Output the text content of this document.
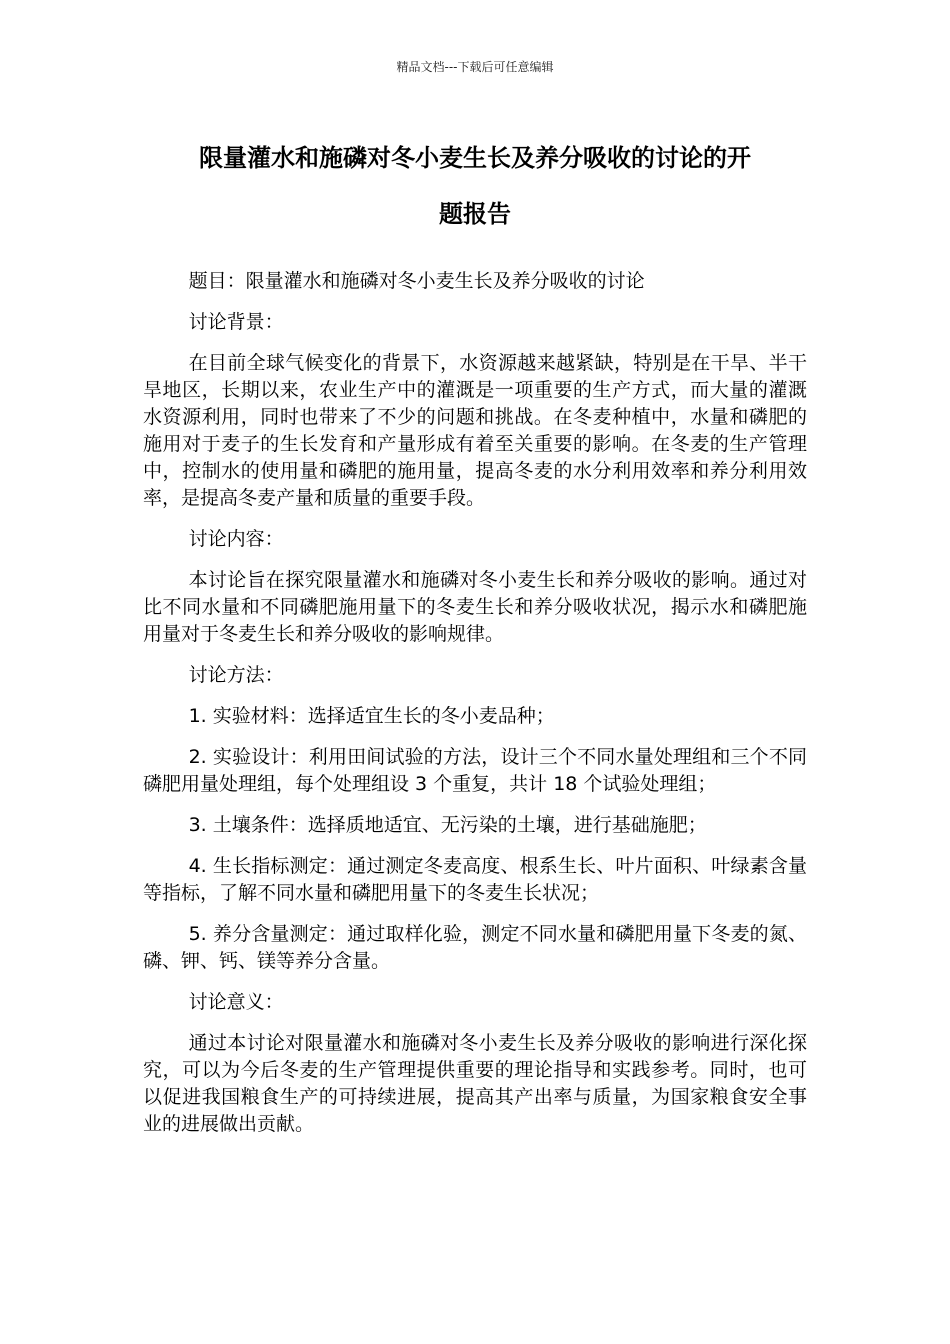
精品文档---下载后可任意编辑
限量灌水和施磷对冬小麦生长及养分吸收的讨论的开
题报告

题目：限量灌水和施磷对冬小麦生长及养分吸收的讨论

讨论背景：

在目前全球气候变化的背景下，水资源越来越紧缺，特别是在干旱、半干旱地区，长期以来，农业生产中的灌溉是一项重要的生产方式，而大量的灌溉水资源利用，同时也带来了不少的问题和挑战。在冬麦种植中，水量和磷肥的施用对于麦子的生长发育和产量形成有着至关重要的影响。在冬麦的生产管理中，控制水的使用量和磷肥的施用量，提高冬麦的水分利用效率和养分利用效率，是提高冬麦产量和质量的重要手段。

讨论内容：

本讨论旨在探究限量灌水和施磷对冬小麦生长和养分吸收的影响。通过对比不同水量和不同磷肥施用量下的冬麦生长和养分吸收状况，揭示水和磷肥施用量对于冬麦生长和养分吸收的影响规律。

讨论方法：

1. 实验材料：选择适宜生长的冬小麦品种；

2. 实验设计：利用田间试验的方法，设计三个不同水量处理组和三个不同磷肥用量处理组，每个处理组设 3 个重复，共计 18 个试验处理组；

3. 土壤条件：选择质地适宜、无污染的土壤，进行基础施肥；

4. 生长指标测定：通过测定冬麦高度、根系生长、叶片面积、叶绿素含量等指标，了解不同水量和磷肥用量下的冬麦生长状况；

5. 养分含量测定：通过取样化验，测定不同水量和磷肥用量下冬麦的氮、磷、钾、钙、镁等养分含量。

讨论意义：

通过本讨论对限量灌水和施磷对冬小麦生长及养分吸收的影响进行深化探究，可以为今后冬麦的生产管理提供重要的理论指导和实践参考。同时，也可以促进我国粮食生产的可持续进展，提高其产出率与质量，为国家粮食安全事业的进展做出贡献。
